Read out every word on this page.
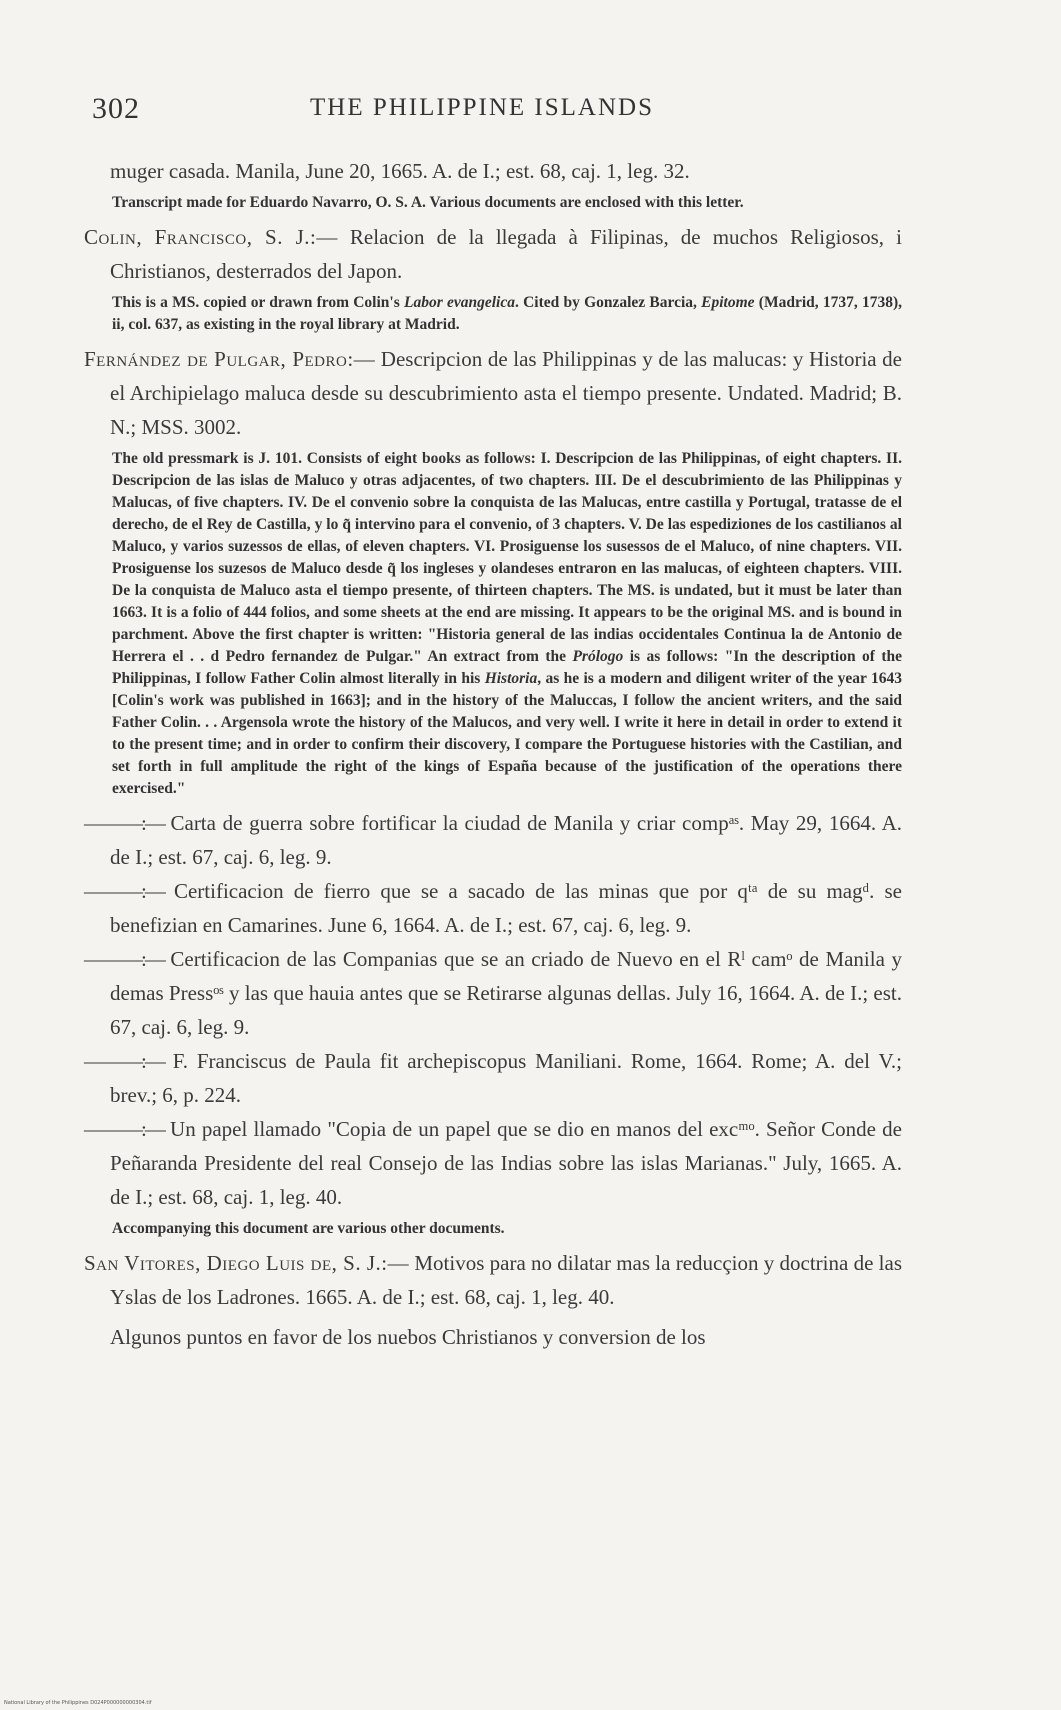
302	THE PHILIPPINE ISLANDS

muger casada. Manila, June 20, 1665. A. de I.; est. 68, caj. 1, leg. 32.

Transcript made for Eduardo Navarro, O. S. A. Various documents are enclosed with this letter.

Colin, Francisco, S. J.:— Relacion de la llegada à Filipinas, de muchos Religiosos, i Christianos, desterrados del Japon.

This is a MS. copied or drawn from Colin's Labor evangelica. Cited by Gonzalez Barcia, Epitome (Madrid, 1737, 1738), ii, col. 637, as existing in the royal library at Madrid.

Fernández de Pulgar, Pedro:— Descripcion de las Philippinas y de las malucas: y Historia de el Archipielago maluca desde su descubrimiento asta el tiempo presente. Undated. Madrid; B. N.; MSS. 3002.

The old pressmark is J. 101. Consists of eight books as follows: I. Descripcion de las Philippinas, of eight chapters. II. Descripcion de las islas de Maluco y otras adjacentes, of two chapters. III. De el descubrimiento de las Philippinas y Malucas, of five chapters. IV. De el convenio sobre la conquista de las Malucas, entre castilla y Portugal, tratasse de el derecho, de el Rey de Castilla, y lo q̃ intervino para el convenio, of 3 chapters. V. De las espediziones de los castilianos al Maluco, y varios suzessos de ellas, of eleven chapters. VI. Prosiguense los susessos de el Maluco, of nine chapters. VII. Prosiguense los suzesos de Maluco desde q̃ los ingleses y olandeses entraron en las malucas, of eighteen chapters. VIII. De la conquista de Maluco asta el tiempo presente, of thirteen chapters. The MS. is undated, but it must be later than 1663. It is a folio of 444 folios, and some sheets at the end are missing. It appears to be the original MS. and is bound in parchment. Above the first chapter is written: "Historia general de las indias occidentales Continua la de Antonio de Herrera el . . d Pedro fernandez de Pulgar." An extract from the Prólogo is as follows: "In the description of the Philippinas, I follow Father Colin almost literally in his Historia, as he is a modern and diligent writer of the year 1643 [Colin's work was published in 1663]; and in the history of the Maluccas, I follow the ancient writers, and the said Father Colin. . . Argensola wrote the history of the Malucos, and very well. I write it here in detail in order to extend it to the present time; and in order to confirm their discovery, I compare the Portuguese histories with the Castilian, and set forth in full amplitude the right of the kings of España because of the justification of the operations there exercised."

———:— Carta de guerra sobre fortificar la ciudad de Manila y criar compᵃˢ. May 29, 1664. A. de I.; est. 67, caj. 6, leg. 9.

———:— Certificacion de fierro que se a sacado de las minas que por qᵗᵃ de su magᵈ. se benefizian en Camarines. June 6, 1664. A. de I.; est. 67, caj. 6, leg. 9.

———:— Certificacion de las Companias que se an criado de Nuevo en el Rˡ camᵒ de Manila y demas Pressᵒˢ y las que hauia antes que se Retirarse algunas dellas. July 16, 1664. A. de I.; est. 67, caj. 6, leg. 9.

———:— F. Franciscus de Paula fit archepiscopus Maniliani. Rome, 1664. Rome; A. del V.; brev.; 6, p. 224.

———:— Un papel llamado "Copia de un papel que se dio en manos del excᵐᵒ. Señor Conde de Peñaranda Presidente del real Consejo de las Indias sobre las islas Marianas." July, 1665. A. de I.; est. 68, caj. 1, leg. 40.

Accompanying this document are various other documents.

San Vitores, Diego Luis de, S. J.:— Motivos para no dilatar mas la reducçion y doctrina de las Yslas de los Ladrones. 1665. A. de I.; est. 68, caj. 1, leg. 40.

Algunos puntos en favor de los nuebos Christianos y conversion de los

National Library of the Philippines D024P000000000304.tif
